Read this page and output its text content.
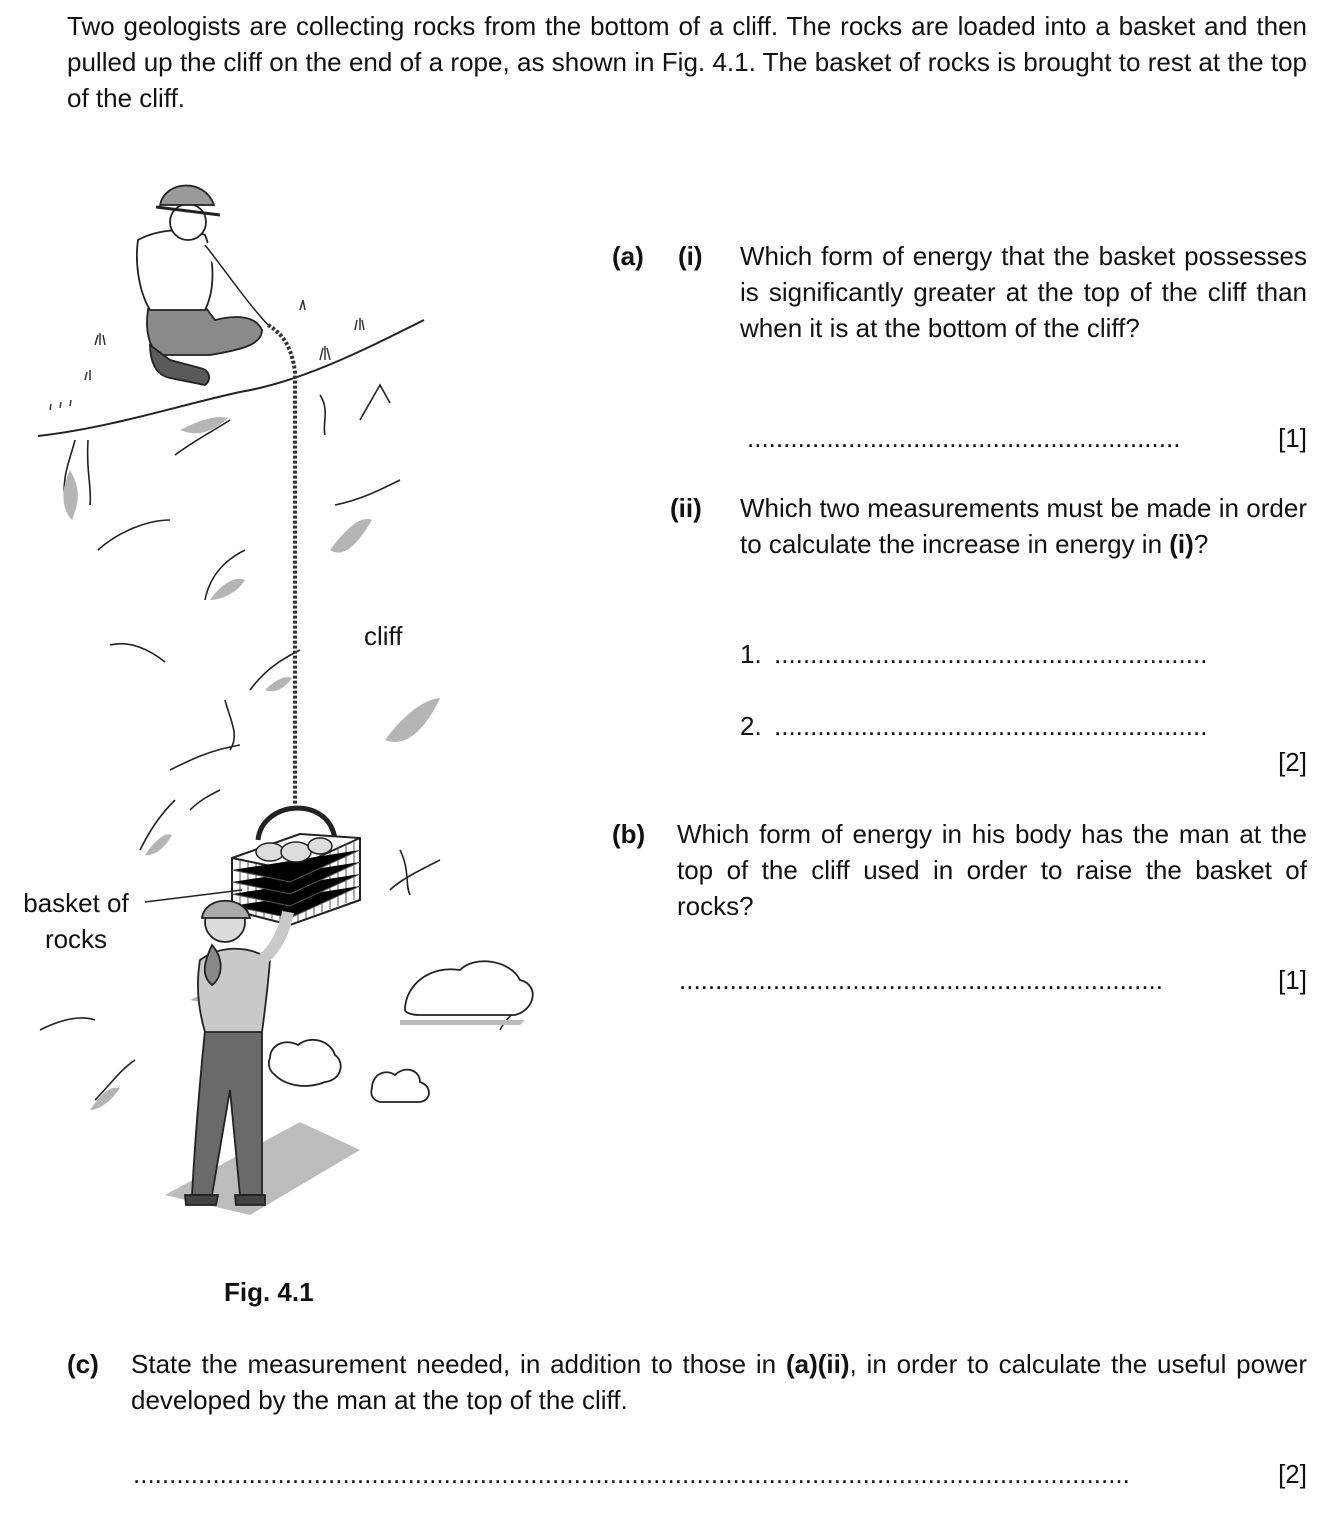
Two geologists are collecting rocks from the bottom of a cliff. The rocks are loaded into a basket and then pulled up the cliff on the end of a rope, as shown in Fig. 4.1. The basket of rocks is brought to rest at the top of the cliff.
cliff
basket of
rocks
Fig. 4.1
(a) (i) Which form of energy that the basket possesses is significantly greater at the top of the cliff than when it is at the bottom of the cliff?
............................................................	[1]
(ii) Which two measurements must be made in order to calculate the increase in energy in (i)?
1. ............................................................
2. ............................................................
[2]
(b) Which form of energy in his body has the man at the top of the cliff used in order to raise the basket of rocks?
...................................................................	[1]
(c) State the measurement needed, in addition to those in (a)(ii), in order to calculate the useful power developed by the man at the top of the cliff.
..........................................................................................................................................	[2]
